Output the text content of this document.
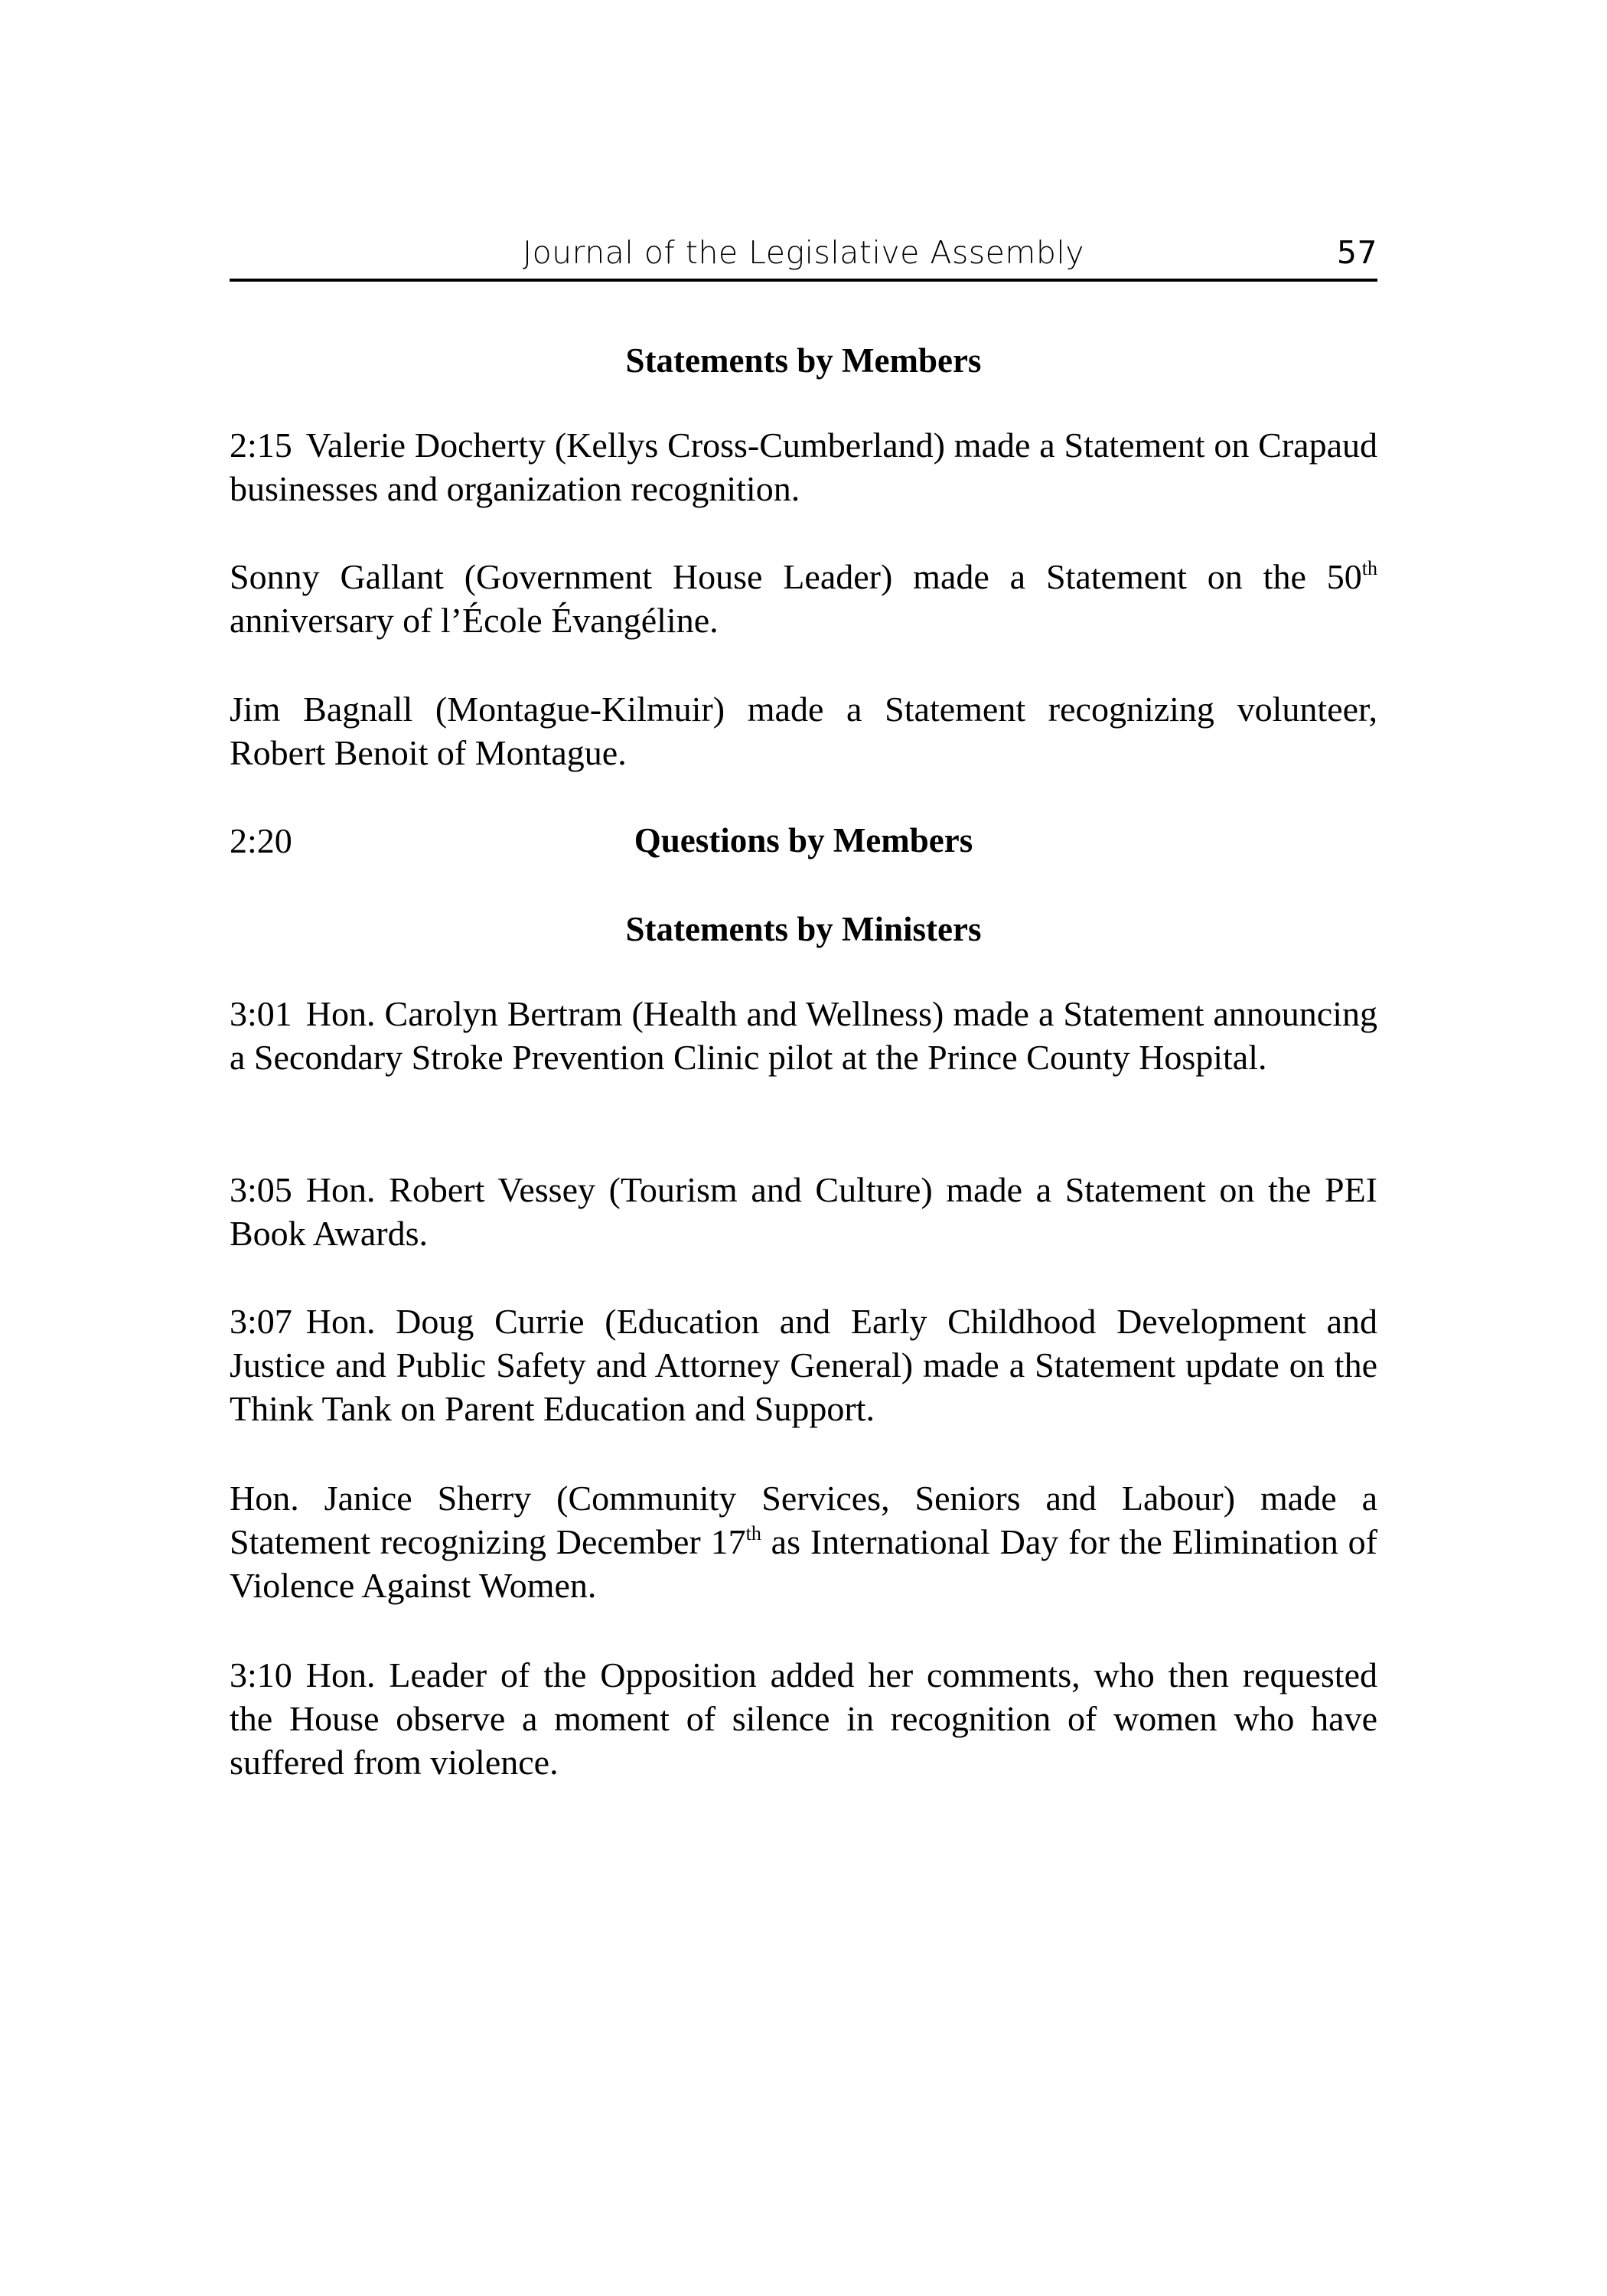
Journal of the Legislative Assembly	57
Statements by Members
2:15 Valerie Docherty (Kellys Cross-Cumberland) made a Statement on Crapaud businesses and organization recognition.
Sonny Gallant (Government House Leader) made a Statement on the 50th anniversary of l’École Évangéline.
Jim Bagnall (Montague-Kilmuir) made a Statement recognizing volunteer, Robert Benoit of Montague.
2:20	Questions by Members
Statements by Ministers
3:01 Hon. Carolyn Bertram (Health and Wellness) made a Statement announcing a Secondary Stroke Prevention Clinic pilot at the Prince County Hospital.
3:05 Hon. Robert Vessey (Tourism and Culture) made a Statement on the PEI Book Awards.
3:07 Hon. Doug Currie (Education and Early Childhood Development and Justice and Public Safety and Attorney General) made a Statement update on the Think Tank on Parent Education and Support.
Hon. Janice Sherry (Community Services, Seniors and Labour) made a Statement recognizing December 17th as International Day for the Elimination of Violence Against Women.
3:10 Hon. Leader of the Opposition added her comments, who then requested the House observe a moment of silence in recognition of women who have suffered from violence.
